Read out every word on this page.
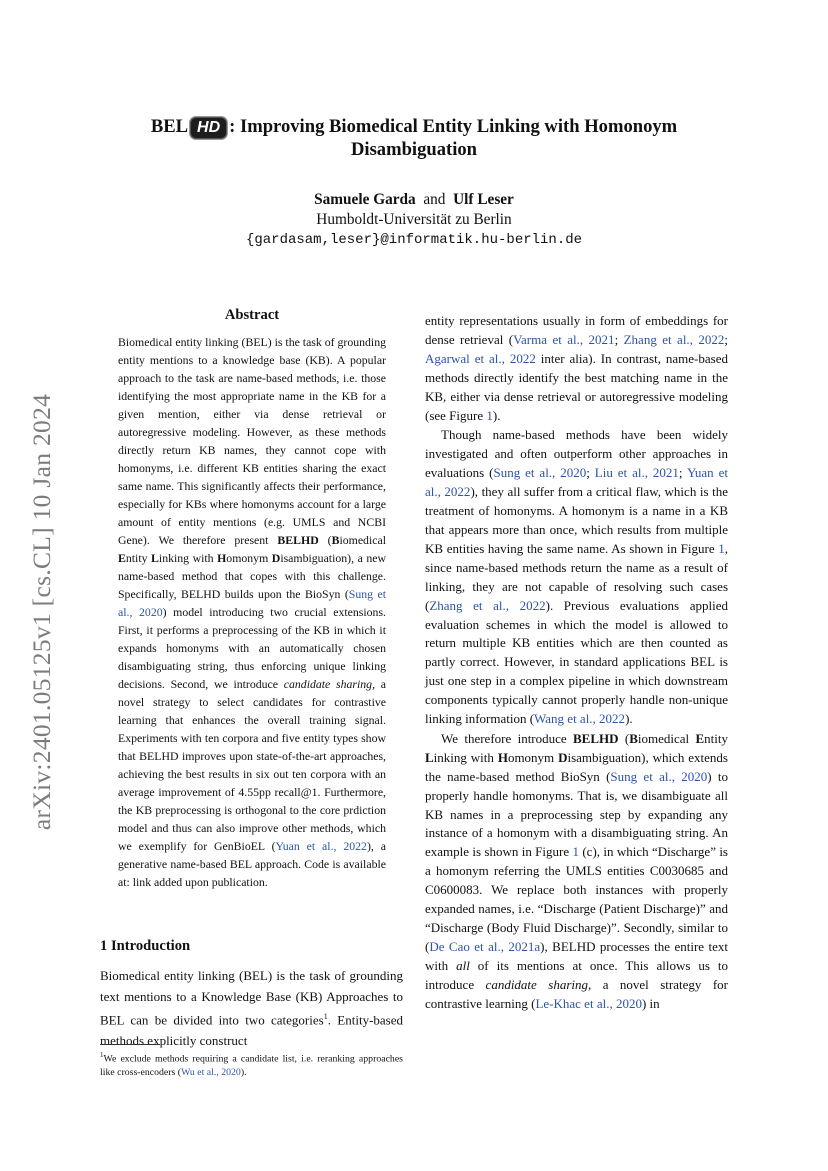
arXiv:2401.05125v1 [cs.CL] 10 Jan 2024
BEL HD : Improving Biomedical Entity Linking with Homonoym Disambiguation
Samuele Garda and Ulf Leser
Humboldt-Universität zu Berlin
{gardasam,leser}@informatik.hu-berlin.de
Abstract

Biomedical entity linking (BEL) is the task of grounding entity mentions to a knowledge base (KB). A popular approach to the task are name-based methods, i.e. those identifying the most appropriate name in the KB for a given mention, either via dense retrieval or autoregressive modeling. However, as these methods directly return KB names, they cannot cope with homonyms, i.e. different KB entities sharing the exact same name. This significantly affects their performance, especially for KBs where homonyms account for a large amount of entity mentions (e.g. UMLS and NCBI Gene). We therefore present BELHD (Biomedical Entity Linking with Homonym Disambiguation), a new name-based method that copes with this challenge. Specifically, BELHD builds upon the BioSyn (Sung et al., 2020) model introducing two crucial extensions. First, it performs a preprocessing of the KB in which it expands homonyms with an automatically chosen disambiguating string, thus enforcing unique linking decisions. Second, we introduce candidate sharing, a novel strategy to select candidates for contrastive learning that enhances the overall training signal. Experiments with ten corpora and five entity types show that BELHD improves upon state-of-the-art approaches, achieving the best results in six out ten corpora with an average improvement of 4.55pp recall@1. Furthermore, the KB preprocessing is orthogonal to the core prdiction model and thus can also improve other methods, which we exemplify for GenBioEL (Yuan et al., 2022), a generative name-based BEL approach. Code is available at: link added upon publication.

1 Introduction

Biomedical entity linking (BEL) is the task of grounding text mentions to a Knowledge Base (KB) Approaches to BEL can be divided into two categories$^1$. Entity-based methods explicitly construct

$^1$We exclude methods requiring a candidate list, i.e. reranking approaches like cross-encoders (Wu et al., 2020).

entity representations usually in form of embeddings for dense retrieval (Varma et al., 2021; Zhang et al., 2022; Agarwal et al., 2022 inter alia). In contrast, name-based methods directly identify the best matching name in the KB, either via dense retrieval or autoregressive modeling (see Figure 1).

Though name-based methods have been widely investigated and often outperform other approaches in evaluations (Sung et al., 2020; Liu et al., 2021; Yuan et al., 2022), they all suffer from a critical flaw, which is the treatment of homonyms. A homonym is a name in a KB that appears more than once, which results from multiple KB entities having the same name. As shown in Figure 1, since name-based methods return the name as a result of linking, they are not capable of resolving such cases (Zhang et al., 2022). Previous evaluations applied evaluation schemes in which the model is allowed to return multiple KB entities which are then counted as partly correct. However, in standard applications BEL is just one step in a complex pipeline in which downstream components typically cannot properly handle non-unique linking information (Wang et al., 2022).

We therefore introduce BELHD (Biomedical Entity Linking with Homonym Disambiguation), which extends the name-based method BioSyn (Sung et al., 2020) to properly handle homonyms. That is, we disambiguate all KB names in a preprocessing step by expanding any instance of a homonym with a disambiguating string. An example is shown in Figure 1 (c), in which “Discharge” is a homonym referring the UMLS entities C0030685 and C0600083. We replace both instances with properly expanded names, i.e. “Discharge (Patient Discharge)” and “Discharge (Body Fluid Discharge)”. Secondly, similar to (De Cao et al., 2021a), BELHD processes the entire text with all of its mentions at once. This allows us to introduce candidate sharing, a novel strategy for contrastive learning (Le-Khac et al., 2020) in
